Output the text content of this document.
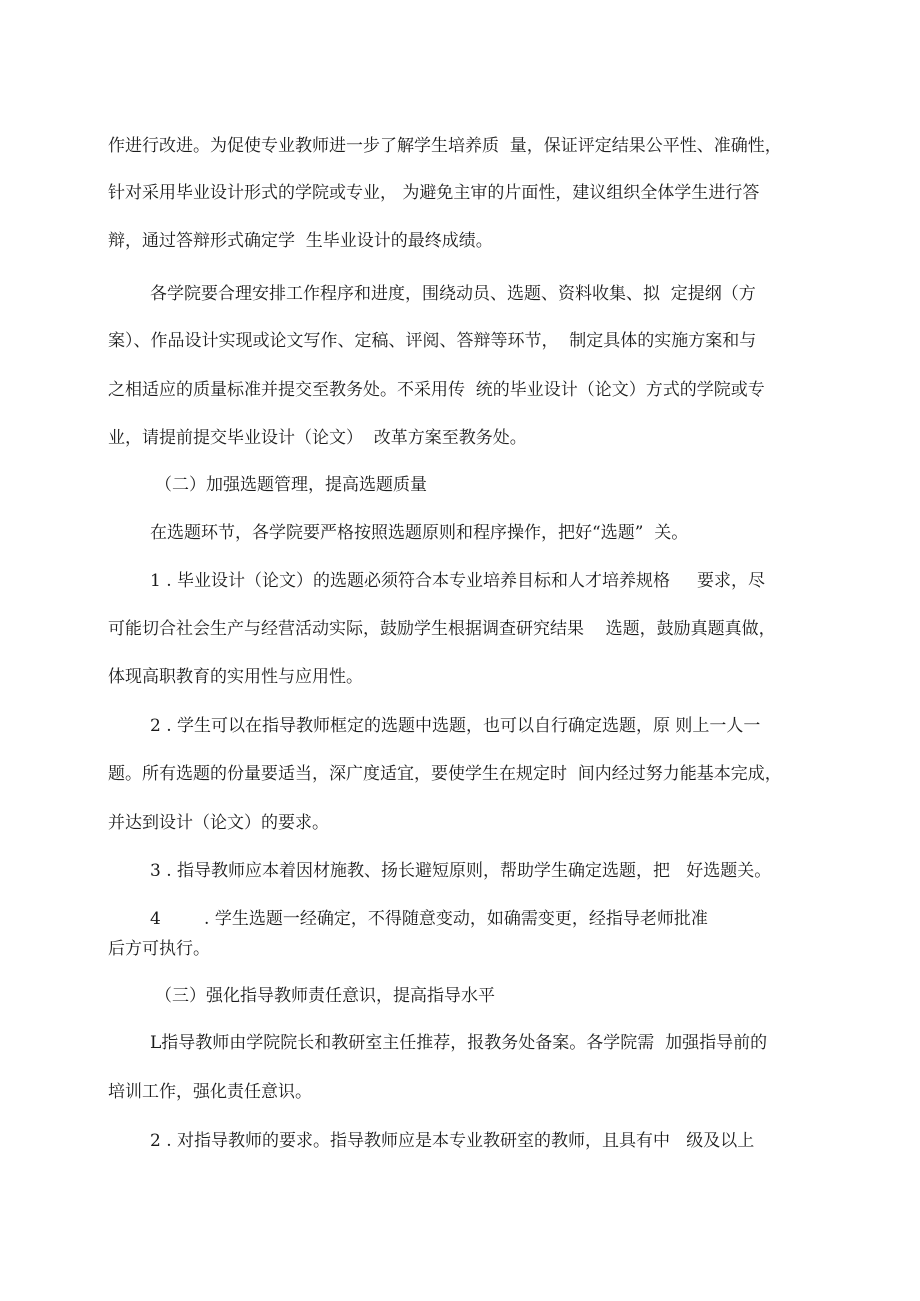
作进行改进。为促使专业教师进一步了解学生培养质  量，保证评定结果公平性、准确性，

针对采用毕业设计形式的学院或专业， 为避免主审的片面性，建议组织全体学生进行答

辩，通过答辩形式确定学  生毕业设计的最终成绩。

各学院要合理安排工作程序和进度，围绕动员、选题、资料收集、拟  定提纲（方

案）、作品设计实现或论文写作、定稿、评阅、答辩等环节，  制定具体的实施方案和与

之相适应的质量标准并提交至教务处。不采用传  统的毕业设计（论文）方式的学院或专

业，请提前提交毕业设计（论文）  改革方案至教务处。

（二）加强选题管理，提高选题质量

在选题环节，各学院要严格按照选题原则和程序操作，把好“选题”  关。

1 . 毕业设计（论文）的选题必须符合本专业培养目标和人才培养规格     要求，尽

可能切合社会生产与经营活动实际，鼓励学生根据调查研究结果    选题，鼓励真题真做，

体现高职教育的实用性与应用性。

2 . 学生可以在指导教师框定的选题中选题，也可以自行确定选题，原 则上一人一

题。所有选题的份量要适当，深广度适宜，要使学生在规定时  间内经过努力能基本完成，

并达到设计（论文）的要求。

3 . 指导教师应本着因材施教、扬长避短原则，帮助学生确定选题，把   好选题关。

4        . 学生选题一经确定，不得随意变动，如确需变更，经指导老师批准

后方可执行。

（三）强化指导教师责任意识，提高指导水平

L指导教师由学院院长和教研室主任推荐，报教务处备案。各学院需  加强指导前的

培训工作，强化责任意识。

2 . 对指导教师的要求。指导教师应是本专业教研室的教师，且具有中   级及以上
